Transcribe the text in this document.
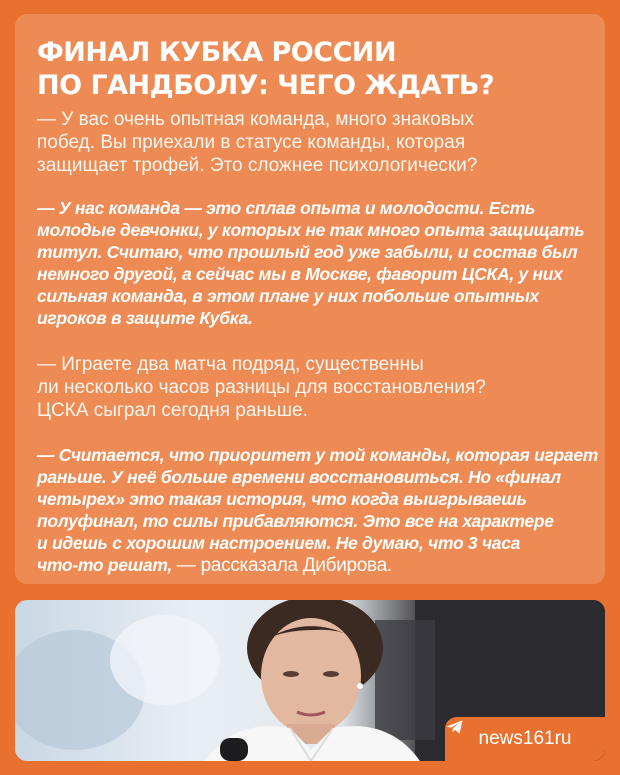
ФИНАЛ КУБКА РОССИИ
ПО ГАНДБОЛУ: ЧЕГО ЖДАТЬ?

— У вас очень опытная команда, много знаковых
побед. Вы приехали в статусе команды, которая
защищает трофей. Это сложнее психологически?

— У нас команда — это сплав опыта и молодости. Есть
молодые девчонки, у которых не так много опыта защищать
титул. Считаю, что прошлый год уже забыли, и состав был
немного другой, а сейчас мы в Москве, фаворит ЦСКА, у них
сильная команда, в этом плане у них побольше опытных
игроков в защите Кубка.

— Играете два матча подряд, существенны
ли несколько часов разницы для восстановления?
ЦСКА сыграл сегодня раньше.

— Считается, что приоритет у той команды, которая играет
раньше. У неё больше времени восстановиться. Но «финал
четырех» это такая история, что когда выигрываешь
полуфинал, то силы прибавляются. Это все на характере
и идешь с хорошим настроением. Не думаю, что 3 часа
что-то решат, — рассказала Дибирова.

news161ru
